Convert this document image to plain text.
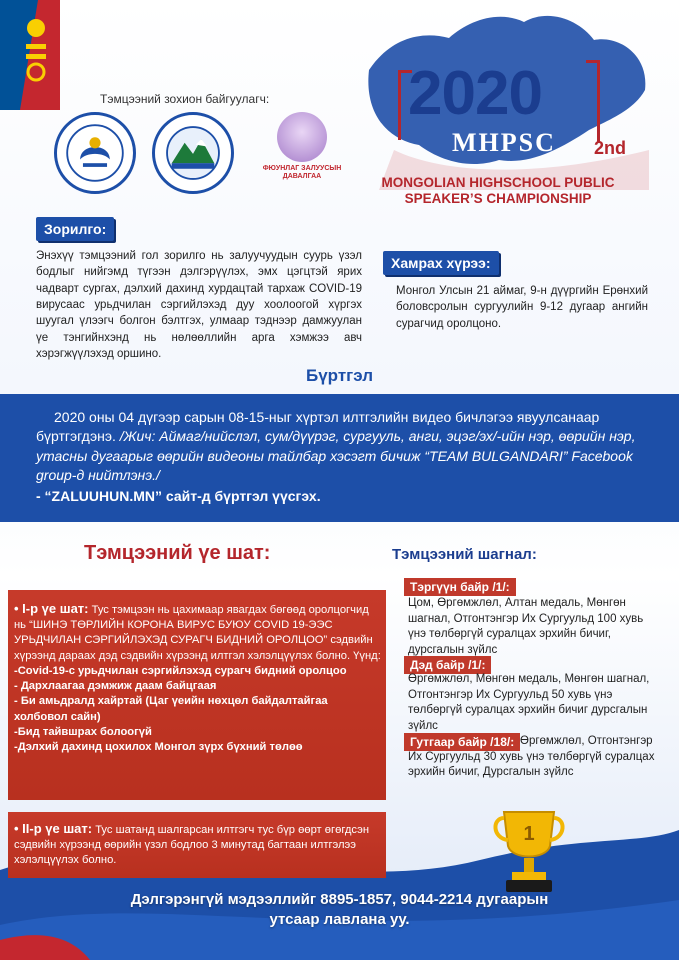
Тэмцээний зохион байгуулагч:
ФЮУНЛАГ ЗАЛУУСЫН ДАВАЛГАА
2020
MHPSC 2nd
MONGOLIAN HIGHSCHOOL PUBLIC SPEAKER’S CHAMPIONSHIP
Зорилго:
Энэхүү тэмцээний гол зорилго нь залуучуудын суурь үзэл бодлыг нийгэмд түгээн дэлгэрүүлэх, эмх цэгцтэй ярих чадварт сургах, дэлхий дахинд хурдацтай тархаж COVID-19 вирусаас урьдчилан сэргийлэхэд дуу хоолоогой хүргэх шуугал үлээгч болгон бэлтгэх, улмаар тэднээр дамжуулан үе тэнгийнхэнд нь нөлөөллийн арга хэмжээ авч хэрэгжүүлэхэд оршино.
Хамрах хүрээ:
Монгол Улсын 21 аймаг, 9-н дүүргийн Ерөнхий боловсролын сургуулийн 9-12 дугаар ангийн сурагчид оролцоно.
Бүртгэл
2020 оны 04 дүгээр сарын 08-15-ныг хүртэл илтгэлийн видео бичлэгээ явуулсанаар бүртгэгдэнэ. /Жич: Аймаг/нийслэл, сум/дүүрэг, сургууль, анги, эцэг/эх/-ийн нэр, өөрийн нэр, утасны дугаарыг өөрийн видеоны тайлбар хэсэгт бичиж “TEAM BULGANDARI” Facebook group-д нийтлэнэ./
- “ZALUUHUN.MN” сайт-д бүртгэл үүсгэх.
Тэмцээний үе шат:
• I-р үе шат: Тус тэмцээн нь цахимаар явагдах бөгөөд оролцогчид нь “ШИНЭ ТӨРЛИЙН КОРОНА ВИРУС БУЮУ COVID 19-ЭЭС УРЬДЧИЛАН СЭРГИЙЛЭХЭД СУРАГЧ БИДНИЙ ОРОЛЦОО” сэдвийн хүрээнд дараах дэд сэдвийн хүрээнд илтгэл хэлэлцүүлэх болно. Үүнд:
-Covid-19-с урьдчилан сэргийлэхэд сурагч бидний оролцоо
- Дархлаагаа дэмжиж даам байцгаая
- Би амьдралд хайртай (Цаг үеийн нөхцөл байдалтайгаа холбовол сайн)
-Бид тайвшрах болоогүй
-Дэлхий дахинд цохилох Монгол зүрх бүхний төлөө
• II-р үе шат: Тус шатанд шалгарсан илтгэгч тус бүр өөрт өгөгдсэн сэдвийн хүрээнд өөрийн үзэл бодлоо 3 минутад багтаан илтгэлээ хэлэлцүүлэх болно.
Тэмцээний шагнал:
Тэргүүн байр /1/:
Цом, Өргөмжлөл, Алтан медаль, Мөнгөн шагнал, Отгонтэнгэр Их Сургуульд 100 хувь үнэ төлбөргүй суралцах эрхийн бичиг, дурсгалын зүйлс
Дэд байр /1/:
Өргөмжлөл, Мөнгөн медаль, Мөнгөн шагнал, Отгонтэнгэр Их Сургуульд 50 хувь үнэ төлбөргүй суралцах эрхийн бичиг дурсгалын зүйлс
Гутгаар байр /18/: Өргөмжлөл, Отгонтэнгэр Их Сургуульд 30 хувь үнэ төлбөргүй суралцах эрхийн бичиг, Дурсгалын зүйлс
1
Дэлгэрэнгүй мэдээллийг 8895-1857, 9044-2214 дугаарын
утсаар лавлана уу.
